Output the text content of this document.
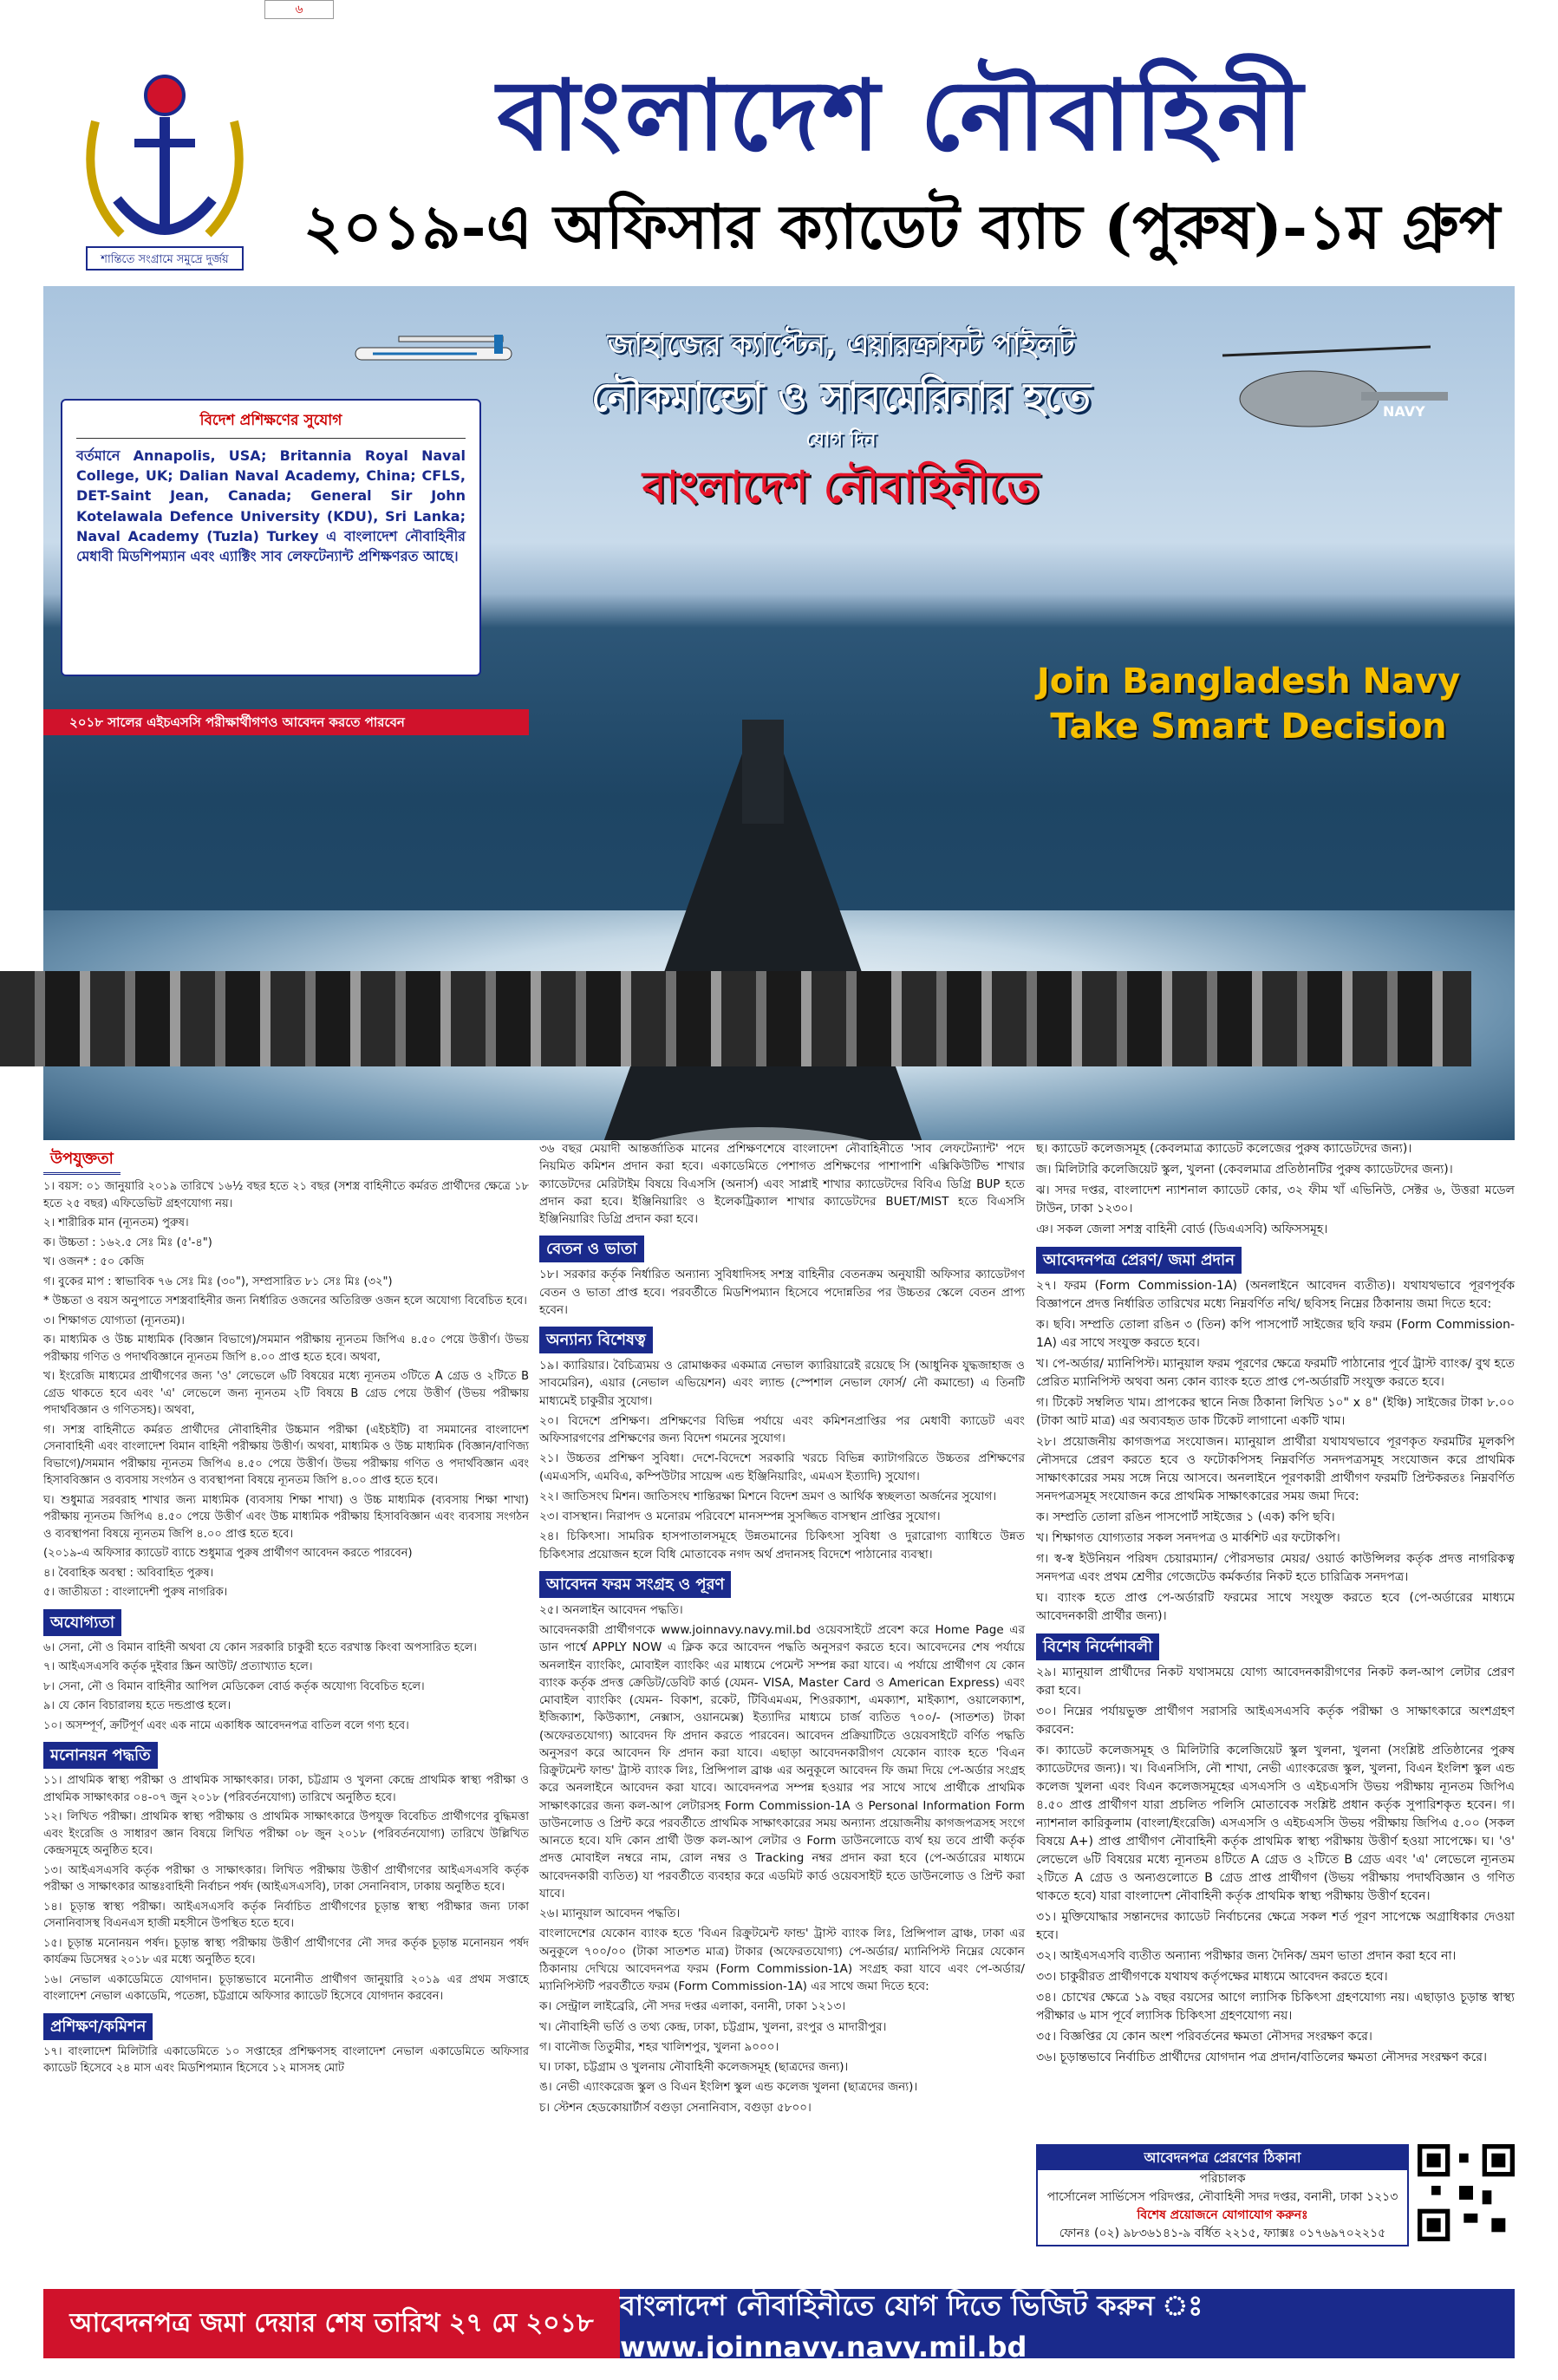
৬
শান্তিতে সংগ্রামে সমুদ্রে দুর্জয়
বাংলাদেশ নৌবাহিনী
২০১৯-এ অফিসার ক্যাডেট ব্যাচ (পুরুষ)-১ম গ্রুপ
NAVY
জাহাজের ক্যাপ্টেন, এয়ারক্রাফট পাইলট
নৌকমান্ডো ও সাবমেরিনার হতে
যোগ দিন
বাংলাদেশ নৌবাহিনীতে
বিদেশ প্রশিক্ষণের সুযোগ
বর্তমানে Annapolis, USA; Britannia Royal Naval College, UK; Dalian Naval Academy, China; CFLS, DET-Saint Jean, Canada; General Sir John Kotelawala Defence University (KDU), Sri Lanka; Naval Academy (Tuzla) Turkey এ বাংলাদেশ নৌবাহিনীর মেধাবী মিডশিপম্যান এবং এ্যাক্টিং সাব লেফটেন্যান্ট প্রশিক্ষণরত আছে।
২০১৮ সালের এইচএসসি পরীক্ষার্থীগণও আবেদন করতে পারবেন
Join Bangladesh Navy
Take Smart Decision
উপযুক্ততা
১। বয়স: ০১ জানুয়ারি ২০১৯ তারিখে ১৬½ বছর হতে ২১ বছর (সশস্ত্র বাহিনীতে কর্মরত প্রার্থীদের ক্ষেত্রে ১৮ হতে ২৫ বছর) এফিডেভিট গ্রহণযোগ্য নয়।
২। শারীরিক মান (ন্যূনতম) পুরুষ।
ক। উচ্চতা : ১৬২.৫ সেঃ মিঃ (৫'-৪")
খ। ওজন* : ৫০ কেজি
গ। বুকের মাপ : স্বাভাবিক ৭৬ সেঃ মিঃ (৩০"), সম্প্রসারিত ৮১ সেঃ মিঃ (৩২")
* উচ্চতা ও বয়স অনুপাতে সশস্ত্রবাহিনীর জন্য নির্ধারিত ওজনের অতিরিক্ত ওজন হলে অযোগ্য বিবেচিত হবে।
৩। শিক্ষাগত যোগ্যতা (ন্যূনতম)।
ক। মাধ্যমিক ও উচ্চ মাধ্যমিক (বিজ্ঞান বিভাগে)/সমমান পরীক্ষায় ন্যূনতম জিপিএ ৪.৫০ পেয়ে উত্তীর্ণ। উভয় পরীক্ষায় গণিত ও পদার্থবিজ্ঞানে ন্যূনতম জিপি ৪.০০ প্রাপ্ত হতে হবে। অথবা,
খ। ইংরেজি মাধ্যমের প্রার্থীগণের জন্য 'ও' লেভেলে ৬টি বিষয়ের মধ্যে ন্যূনতম ৩টিতে A গ্রেড ও ২টিতে B গ্রেড থাকতে হবে এবং 'এ' লেভেলে জন্য ন্যূনতম ২টি বিষয়ে B গ্রেড পেয়ে উত্তীর্ণ (উভয় পরীক্ষায় পদার্থবিজ্ঞান ও গণিতসহ)। অথবা,
গ। সশস্ত্র বাহিনীতে কর্মরত প্রার্থীদের নৌবাহিনীর উচ্চমান পরীক্ষা (এইচইটি) বা সমমানের বাংলাদেশ সেনাবাহিনী এবং বাংলাদেশ বিমান বাহিনী পরীক্ষায় উত্তীর্ণ। অথবা, মাধ্যমিক ও উচ্চ মাধ্যমিক (বিজ্ঞান/বাণিজ্য বিভাগে)/সমমান পরীক্ষায় ন্যূনতম জিপিএ ৪.৫০ পেয়ে উত্তীর্ণ। উভয় পরীক্ষায় গণিত ও পদার্থবিজ্ঞান এবং হিসাববিজ্ঞান ও ব্যবসায় সংগঠন ও ব্যবস্থাপনা বিষয়ে ন্যূনতম জিপি ৪.০০ প্রাপ্ত হতে হবে।
ঘ। শুধুমাত্র সরবরাহ শাখার জন্য মাধ্যমিক (ব্যবসায় শিক্ষা শাখা) ও উচ্চ মাধ্যমিক (ব্যবসায় শিক্ষা শাখা) পরীক্ষায় ন্যূনতম জিপিএ ৪.৫০ পেয়ে উত্তীর্ণ এবং উচ্চ মাধ্যমিক পরীক্ষায় হিসাববিজ্ঞান এবং ব্যবসায় সংগঠন ও ব্যবস্থাপনা বিষয়ে ন্যূনতম জিপি ৪.০০ প্রাপ্ত হতে হবে।
(২০১৯-এ অফিসার ক্যাডেট ব্যাচে শুধুমাত্র পুরুষ প্রার্থীগণ আবেদন করতে পারবেন)
৪। বৈবাহিক অবস্থা : অবিবাহিত পুরুষ।
৫। জাতীয়তা : বাংলাদেশী পুরুষ নাগরিক।
অযোগ্যতা
৬। সেনা, নৌ ও বিমান বাহিনী অথবা যে কোন সরকারি চাকুরী হতে বরখাস্ত কিংবা অপসারিত হলে।
৭। আইএসএসবি কর্তৃক দুইবার স্ক্রিন আউট/ প্রত্যাখ্যাত হলে।
৮। সেনা, নৌ ও বিমান বাহিনীর আপিল মেডিকেল বোর্ড কর্তৃক অযোগ্য বিবেচিত হলে।
৯। যে কোন বিচারালয় হতে দন্ডপ্রাপ্ত হলে।
১০। অসম্পূর্ণ, ক্রটিপূর্ণ এবং এক নামে একাধিক আবেদনপত্র বাতিল বলে গণ্য হবে।
মনোনয়ন পদ্ধতি
১১। প্রাথমিক স্বাস্থ্য পরীক্ষা ও প্রাথমিক সাক্ষাৎকার। ঢাকা, চট্টগ্রাম ও খুলনা কেন্দ্রে প্রাথমিক স্বাস্থ্য পরীক্ষা ও প্রাথমিক সাক্ষাৎকার ০৪-০৭ জুন ২০১৮ (পরিবর্তনযোগ্য) তারিখে অনুষ্ঠিত হবে।
১২। লিখিত পরীক্ষা। প্রাথমিক স্বাস্থ্য পরীক্ষায় ও প্রাথমিক সাক্ষাৎকারে উপযুক্ত বিবেচিত প্রার্থীগণের বুদ্ধিমত্তা এবং ইংরেজি ও সাধারণ জ্ঞান বিষয়ে লিখিত পরীক্ষা ০৮ জুন ২০১৮ (পরিবর্তনযোগ্য) তারিখে উল্লিখিত কেন্দ্রসমূহে অনুষ্ঠিত হবে।
১৩। আইএসএসবি কর্তৃক পরীক্ষা ও সাক্ষাৎকার। লিখিত পরীক্ষায় উত্তীর্ণ প্রার্থীগণের আইএসএসবি কর্তৃক পরীক্ষা ও সাক্ষাৎকার আন্তঃবাহিনী নির্বাচন পর্ষদ (আইএসএসবি), ঢাকা সেনানিবাস, ঢাকায় অনুষ্ঠিত হবে।
১৪। চূড়ান্ত স্বাস্থ্য পরীক্ষা। আইএসএসবি কর্তৃক নির্বাচিত প্রার্থীগণের চূড়ান্ত স্বাস্থ্য পরীক্ষার জন্য ঢাকা সেনানিবাসস্থ বিএনএস হাজী মহসীনে উপস্থিত হতে হবে।
১৫। চূড়ান্ত মনোনয়ন পর্ষদ। চূড়ান্ত স্বাস্থ্য পরীক্ষায় উত্তীর্ণ প্রার্থীগণের নৌ সদর কর্তৃক চূড়ান্ত মনোনয়ন পর্ষদ কার্যক্রম ডিসেম্বর ২০১৮ এর মধ্যে অনুষ্ঠিত হবে।
১৬। নেভাল একাডেমিতে যোগদান। চূড়ান্তভাবে মনোনীত প্রার্থীগণ জানুয়ারি ২০১৯ এর প্রথম সপ্তাহে বাংলাদেশ নেভাল একাডেমি, পতেঙ্গা, চট্টগ্রামে অফিসার ক্যাডেট হিসেবে যোগদান করবেন।
প্রশিক্ষণ/কমিশন
১৭। বাংলাদেশ মিলিটারি একাডেমিতে ১০ সপ্তাহের প্রশিক্ষণসহ বাংলাদেশ নেভাল একাডেমিতে অফিসার ক্যাডেট হিসেবে ২৪ মাস এবং মিডশিপম্যান হিসেবে ১২ মাসসহ মোট
৩৬ বছর মেয়াদী আন্তর্জাতিক মানের প্রশিক্ষণশেষে বাংলাদেশ নৌবাহিনীতে 'সাব লেফটেন্যান্ট' পদে নিয়মিত কমিশন প্রদান করা হবে। একাডেমিতে পেশাগত প্রশিক্ষণের পাশাপাশি এক্সিকিউটিভ শাখার ক্যাডেটদের মেরিটাইম বিষয়ে বিএসসি (অনার্স) এবং সাপ্লাই শাখার ক্যাডেটদের বিবিএ ডিগ্রি BUP হতে প্রদান করা হবে। ইঞ্জিনিয়ারিং ও ইলেকট্রিক্যাল শাখার ক্যাডেটদের BUET/MIST হতে বিএসসি ইঞ্জিনিয়ারিং ডিগ্রি প্রদান করা হবে।
বেতন ও ভাতা
১৮। সরকার কর্তৃক নির্ধারিত অন্যান্য সুবিধাদিসহ সশস্ত্র বাহিনীর বেতনক্রম অনুযায়ী অফিসার ক্যাডেটগণ বেতন ও ভাতা প্রাপ্ত হবে। পরবর্তীতে মিডশিপম্যান হিসেবে পদোন্নতির পর উচ্চতর স্কেলে বেতন প্রাপ্য হবেন।
অন্যান্য বিশেষত্ব
১৯। ক্যারিয়ার। বৈচিত্র্যময় ও রোমাঞ্চকর একমাত্র নেভাল ক্যারিয়ারেই রয়েছে সি (আধুনিক যুদ্ধজাহাজ ও সাবমেরিন), এয়ার (নেভাল এভিয়েশন) এবং ল্যান্ড (স্পেশাল নেভাল ফোর্স/ নৌ কমান্ডো) এ তিনটি মাধ্যমেই চাকুরীর সুযোগ।
২০। বিদেশে প্রশিক্ষণ। প্রশিক্ষণের বিভিন্ন পর্যায়ে এবং কমিশনপ্রাপ্তির পর মেধাবী ক্যাডেট এবং অফিসারগণের প্রশিক্ষণের জন্য বিদেশ গমনের সুযোগ।
২১। উচ্চতর প্রশিক্ষণ সুবিধা। দেশে-বিদেশে সরকারি খরচে বিভিন্ন ক্যাটাগরিতে উচ্চতর প্রশিক্ষণের (এমএসসি, এমবিএ, কম্পিউটার সায়েন্স এন্ড ইঞ্জিনিয়ারিং, এমএস ইত্যাদি) সুযোগ।
২২। জাতিসংঘ মিশন। জাতিসংঘ শান্তিরক্ষা মিশনে বিদেশ ভ্রমণ ও আর্থিক স্বচ্ছলতা অর্জনের সুযোগ।
২৩। বাসস্থান। নিরাপদ ও মনোরম পরিবেশে মানসম্পন্ন সুসজ্জিত বাসস্থান প্রাপ্তির সুযোগ।
২৪। চিকিৎসা। সামরিক হাসপাতালসমূহে উন্নতমানের চিকিৎসা সুবিধা ও দুরারোগ্য ব্যাধিতে উন্নত চিকিৎসার প্রয়োজন হলে বিধি মোতাবেক নগদ অর্থ প্রদানসহ বিদেশে পাঠানোর ব্যবস্থা।
আবেদন ফরম সংগ্রহ ও পূরণ
২৫। অনলাইন আবেদন পদ্ধতি।
আবেদনকারী প্রার্থীগণকে www.joinnavy.navy.mil.bd ওয়েবসাইটে প্রবেশ করে Home Page এর ডান পার্শ্বে APPLY NOW এ ক্লিক করে আবেদন পদ্ধতি অনুসরণ করতে হবে। আবেদনের শেষ পর্যায়ে অনলাইন ব্যাংকিং, মোবাইল ব্যাংকিং এর মাধ্যমে পেমেন্ট সম্পন্ন করা যাবে। এ পর্যায়ে প্রার্থীগণ যে কোন ব্যাংক কর্তৃক প্রদত্ত ক্রেডিট/ডেবিট কার্ড (যেমন- VISA, Master Card ও American Express) এবং মোবাইল ব্যাংকিং (যেমন- বিকাশ, রকেট, টিবিএমএম, শিওরক্যাশ, এমক্যাশ, মাইক্যাশ, ওয়ালেক্যাশ, ইজিক্যাশ, কিউক্যাশ, নেক্সাস, ওয়ানমেক্স) ইত্যাদির মাধ্যমে চার্জ ব্যতিত ৭০০/- (সাতশত) টাকা (অফেরতযোগ্য) আবেদন ফি প্রদান করতে পারবেন। আবেদন প্রক্রিয়াটিতে ওয়েবসাইটে বর্ণিত পদ্ধতি অনুসরণ করে আবেদন ফি প্রদান করা যাবে। এছাড়া আবেদনকারীগণ যেকোন ব্যাংক হতে 'বিএন রিক্রুটমেন্ট ফান্ড' ট্রাস্ট ব্যাংক লিঃ, প্রিন্সিপাল ব্রাঞ্চ এর অনুকূলে আবেদন ফি জমা দিয়ে পে-অর্ডার সংগ্রহ করে অনলাইনে আবেদন করা যাবে। আবেদনপত্র সম্পন্ন হওয়ার পর সাথে সাথে প্রার্থীকে প্রাথমিক সাক্ষাৎকারের জন্য কল-আপ লেটারসহ Form Commission-1A ও Personal Information Form ডাউনলোড ও প্রিন্ট করে পরবর্তীতে প্রাথমিক সাক্ষাৎকারের সময় অন্যান্য প্রয়োজনীয় কাগজপত্রসহ সংগে আনতে হবে। যদি কোন প্রার্থী উক্ত কল-আপ লেটার ও Form ডাউনলোডে ব্যর্থ হয় তবে প্রার্থী কর্তৃক প্রদত্ত মোবাইল নম্বরে নাম, রোল নম্বর ও Tracking নম্বর প্রদান করা হবে (পে-অর্ডারের মাধ্যমে আবেদনকারী ব্যতিত) যা পরবর্তীতে ব্যবহার করে এডমিট কার্ড ওয়েবসাইট হতে ডাউনলোড ও প্রিন্ট করা যাবে।
২৬। ম্যানুয়াল আবেদন পদ্ধতি।
বাংলাদেশের যেকোন ব্যাংক হতে 'বিএন রিক্রুটমেন্ট ফান্ড' ট্রাস্ট ব্যাংক লিঃ, প্রিন্সিপাল ব্রাঞ্চ, ঢাকা এর অনুকূলে ৭০০/০০ (টাকা সাতশত মাত্র) টাকার (অফেরতযোগ্য) পে-অর্ডার/ ম্যানিপিস্ট নিম্নের যেকোন ঠিকানায় দেখিয়ে আবেদনপত্র ফরম (Form Commission-1A) সংগ্রহ করা যাবে এবং পে-অর্ডার/ম্যানিপিস্টটি পরবর্তীতে ফরম (Form Commission-1A) এর সাথে জমা দিতে হবে:
ক। সেন্ট্রাল লাইব্রেরি, নৌ সদর দপ্তর এলাকা, বনানী, ঢাকা ১২১৩।
খ। নৌবাহিনী ভর্তি ও তথ্য কেন্দ্র, ঢাকা, চট্টগ্রাম, খুলনা, রংপুর ও মাদারীপুর।
গ। বানৌজ তিতুমীর, শহর খালিশপুর, খুলনা ৯০০০।
ঘ। ঢাকা, চট্টগ্রাম ও খুলনায় নৌবাহিনী কলেজসমূহ (ছাত্রদের জন্য)।
ঙ। নেভী এ্যাংকরেজ স্কুল ও বিএন ইংলিশ স্কুল এন্ড কলেজ খুলনা (ছাত্রদের জন্য)।
চ। স্টেশন হেডকোয়ার্টার্স বগুড়া সেনানিবাস, বগুড়া ৫৮০০।
ছ। ক্যাডেট কলেজসমূহ (কেবলমাত্র ক্যাডেট কলেজের পুরুষ ক্যাডেটদের জন্য)।
জ। মিলিটারি কলেজিয়েট স্কুল, খুলনা (কেবলমাত্র প্রতিষ্ঠানটির পুরুষ ক্যাডেটদের জন্য)।
ঝ। সদর দপ্তর, বাংলাদেশ ন্যাশনাল ক্যাডেট কোর, ৩২ ফীম খাঁ এভিনিউ, সেক্টর ৬, উত্তরা মডেল টাউন, ঢাকা ১২৩০।
ঞ। সকল জেলা সশস্ত্র বাহিনী বোর্ড (ডিএএসবি) অফিসসমূহ।
আবেদনপত্র প্রেরণ/ জমা প্রদান
২৭। ফরম (Form Commission-1A) (অনলাইনে আবেদন ব্যতীত)। যথাযথভাবে পূরণপূর্বক বিজ্ঞাপনে প্রদত্ত নির্ধারিত তারিখের মধ্যে নিম্নবর্ণিত নথি/ ছবিসহ নিম্নের ঠিকানায় জমা দিতে হবে:
ক। ছবি। সম্প্রতি তোলা রঙিন ৩ (তিন) কপি পাসপোর্ট সাইজের ছবি ফরম (Form Commission-1A) এর সাথে সংযুক্ত করতে হবে।
খ। পে-অর্ডার/ ম্যানিপিস্ট। ম্যানুয়াল ফরম পূরণের ক্ষেত্রে ফরমটি পাঠানোর পূর্বে ট্রাস্ট ব্যাংক/ বুথ হতে প্রেরিত ম্যানিপিস্ট অথবা অন্য কোন ব্যাংক হতে প্রাপ্ত পে-অর্ডারটি সংযুক্ত করতে হবে।
গ। টিকেট সম্বলিত খাম। প্রাপকের স্থানে নিজ ঠিকানা লিখিত ১০" x ৪" (ইঞ্চি) সাইজের টাকা ৮.০০ (টাকা আট মাত্র) এর অব্যবহৃত ডাক টিকেট লাগানো একটি খাম।
২৮। প্রয়োজনীয় কাগজপত্র সংযোজন। ম্যানুয়াল প্রার্থীরা যথাযথভাবে পূরণকৃত ফরমটির মূলকপি নৌসদরে প্রেরণ করতে হবে ও ফটোকপিসহ নিম্নবর্ণিত সনদপত্রসমূহ সংযোজন করে প্রাথমিক সাক্ষাৎকারের সময় সঙ্গে নিয়ে আসবে। অনলাইনে পূরণকারী প্রার্থীগণ ফরমটি প্রিন্টকরতঃ নিম্নবর্ণিত সনদপত্রসমূহ সংযোজন করে প্রাথমিক সাক্ষাৎকারের সময় জমা দিবে:
ক। সম্প্রতি তোলা রঙিন পাসপোর্ট সাইজের ১ (এক) কপি ছবি।
খ। শিক্ষাগত যোগ্যতার সকল সনদপত্র ও মার্কশিট এর ফটোকপি।
গ। স্ব-স্ব ইউনিয়ন পরিষদ চেয়ারম্যান/ পৌরসভার মেয়র/ ওয়ার্ড কাউন্সিলর কর্তৃক প্রদত্ত নাগরিকত্ব সনদপত্র এবং প্রথম শ্রেণীর গেজেটেড কর্মকর্তার নিকট হতে চারিত্রিক সনদপত্র।
ঘ। ব্যাংক হতে প্রাপ্ত পে-অর্ডারটি ফরমের সাথে সংযুক্ত করতে হবে (পে-অর্ডারের মাধ্যমে আবেদনকারী প্রার্থীর জন্য)।
বিশেষ নির্দেশাবলী
২৯। ম্যানুয়াল প্রার্থীদের নিকট যথাসময়ে যোগ্য আবেদনকারীগণের নিকট কল-আপ লেটার প্রেরণ করা হবে।
৩০। নিম্নের পর্যায়ভুক্ত প্রার্থীগণ সরাসরি আইএসএসবি কর্তৃক পরীক্ষা ও সাক্ষাৎকারে অংশগ্রহণ করবেন:
ক। ক্যাডেট কলেজসমূহ ও মিলিটারি কলেজিয়েট স্কুল খুলনা, খুলনা (সংশ্লিষ্ট প্রতিষ্ঠানের পুরুষ ক্যাডেটদের জন্য)। খ। বিএনসিসি, নৌ শাখা, নেভী এ্যাংকরেজ স্কুল, খুলনা, বিএন ইংলিশ স্কুল এন্ড কলেজ খুলনা এবং বিএন কলেজসমূহের এসএসসি ও এইচএসসি উভয় পরীক্ষায় ন্যূনতম জিপিএ ৪.৫০ প্রাপ্ত প্রার্থীগণ যারা প্রচলিত পলিসি মোতাবেক সংশ্লিষ্ট প্রধান কর্তৃক সুপারিশকৃত হবেন। গ। ন্যাশনাল কারিকুলাম (বাংলা/ইংরেজি) এসএসসি ও এইচএসসি উভয় পরীক্ষায় জিপিএ ৫.০০ (সকল বিষয়ে A+) প্রাপ্ত প্রার্থীগণ নৌবাহিনী কর্তৃক প্রাথমিক স্বাস্থ্য পরীক্ষায় উত্তীর্ণ হওয়া সাপেক্ষে। ঘ। 'ও' লেভেলে ৬টি বিষয়ের মধ্যে ন্যূনতম ৪টিতে A গ্রেড ও ২টিতে B গ্রেড এবং 'এ' লেভেলে ন্যূনতম ২টিতে A গ্রেড ও অন্যগুলোতে B গ্রেড প্রাপ্ত প্রার্থীগণ (উভয় পরীক্ষায় পদার্থবিজ্ঞান ও গণিত থাকতে হবে) যারা বাংলাদেশ নৌবাহিনী কর্তৃক প্রাথমিক স্বাস্থ্য পরীক্ষায় উত্তীর্ণ হবেন।
৩১। মুক্তিযোদ্ধার সন্তানদের ক্যাডেট নির্বাচনের ক্ষেত্রে সকল শর্ত পূরণ সাপেক্ষে অগ্রাধিকার দেওয়া হবে।
৩২। আইএসএসবি ব্যতীত অন্যান্য পরীক্ষার জন্য দৈনিক/ ভ্রমণ ভাতা প্রদান করা হবে না।
৩৩। চাকুরীরত প্রার্থীগণকে যথাযথ কর্তৃপক্ষের মাধ্যমে আবেদন করতে হবে।
৩৪। চোখের ক্ষেত্রে ১৯ বছর বয়সের আগে ল্যাসিক চিকিৎসা গ্রহণযোগ্য নয়। এছাড়াও চূড়ান্ত স্বাস্থ্য পরীক্ষার ৬ মাস পূর্বে ল্যাসিক চিকিৎসা গ্রহণযোগ্য নয়।
৩৫। বিজ্ঞপ্তির যে কোন অংশ পরিবর্তনের ক্ষমতা নৌসদর সংরক্ষণ করে।
৩৬। চূড়ান্তভাবে নির্বাচিত প্রার্থীদের যোগদান পত্র প্রদান/বাতিলের ক্ষমতা নৌসদর সংরক্ষণ করে।
আবেদনপত্র প্রেরণের ঠিকানা
পরিচালক
পার্সোনেল সার্ভিসেস পরিদপ্তর, নৌবাহিনী সদর দপ্তর, বনানী, ঢাকা ১২১৩
বিশেষ প্রয়োজনে যোগাযোগ করুনঃ
ফোনঃ (০২) ৯৮৩৬১৪১-৯ বর্ধিত ২২১৫, ফ্যাক্সঃ ০১৭৬৯৭০২২১৫
আবেদনপত্র জমা দেয়ার শেষ তারিখ ২৭ মে ২০১৮
বাংলাদেশ নৌবাহিনীতে যোগ দিতে ভিজিট করুন ঃ www.joinnavy.navy.mil.bd
